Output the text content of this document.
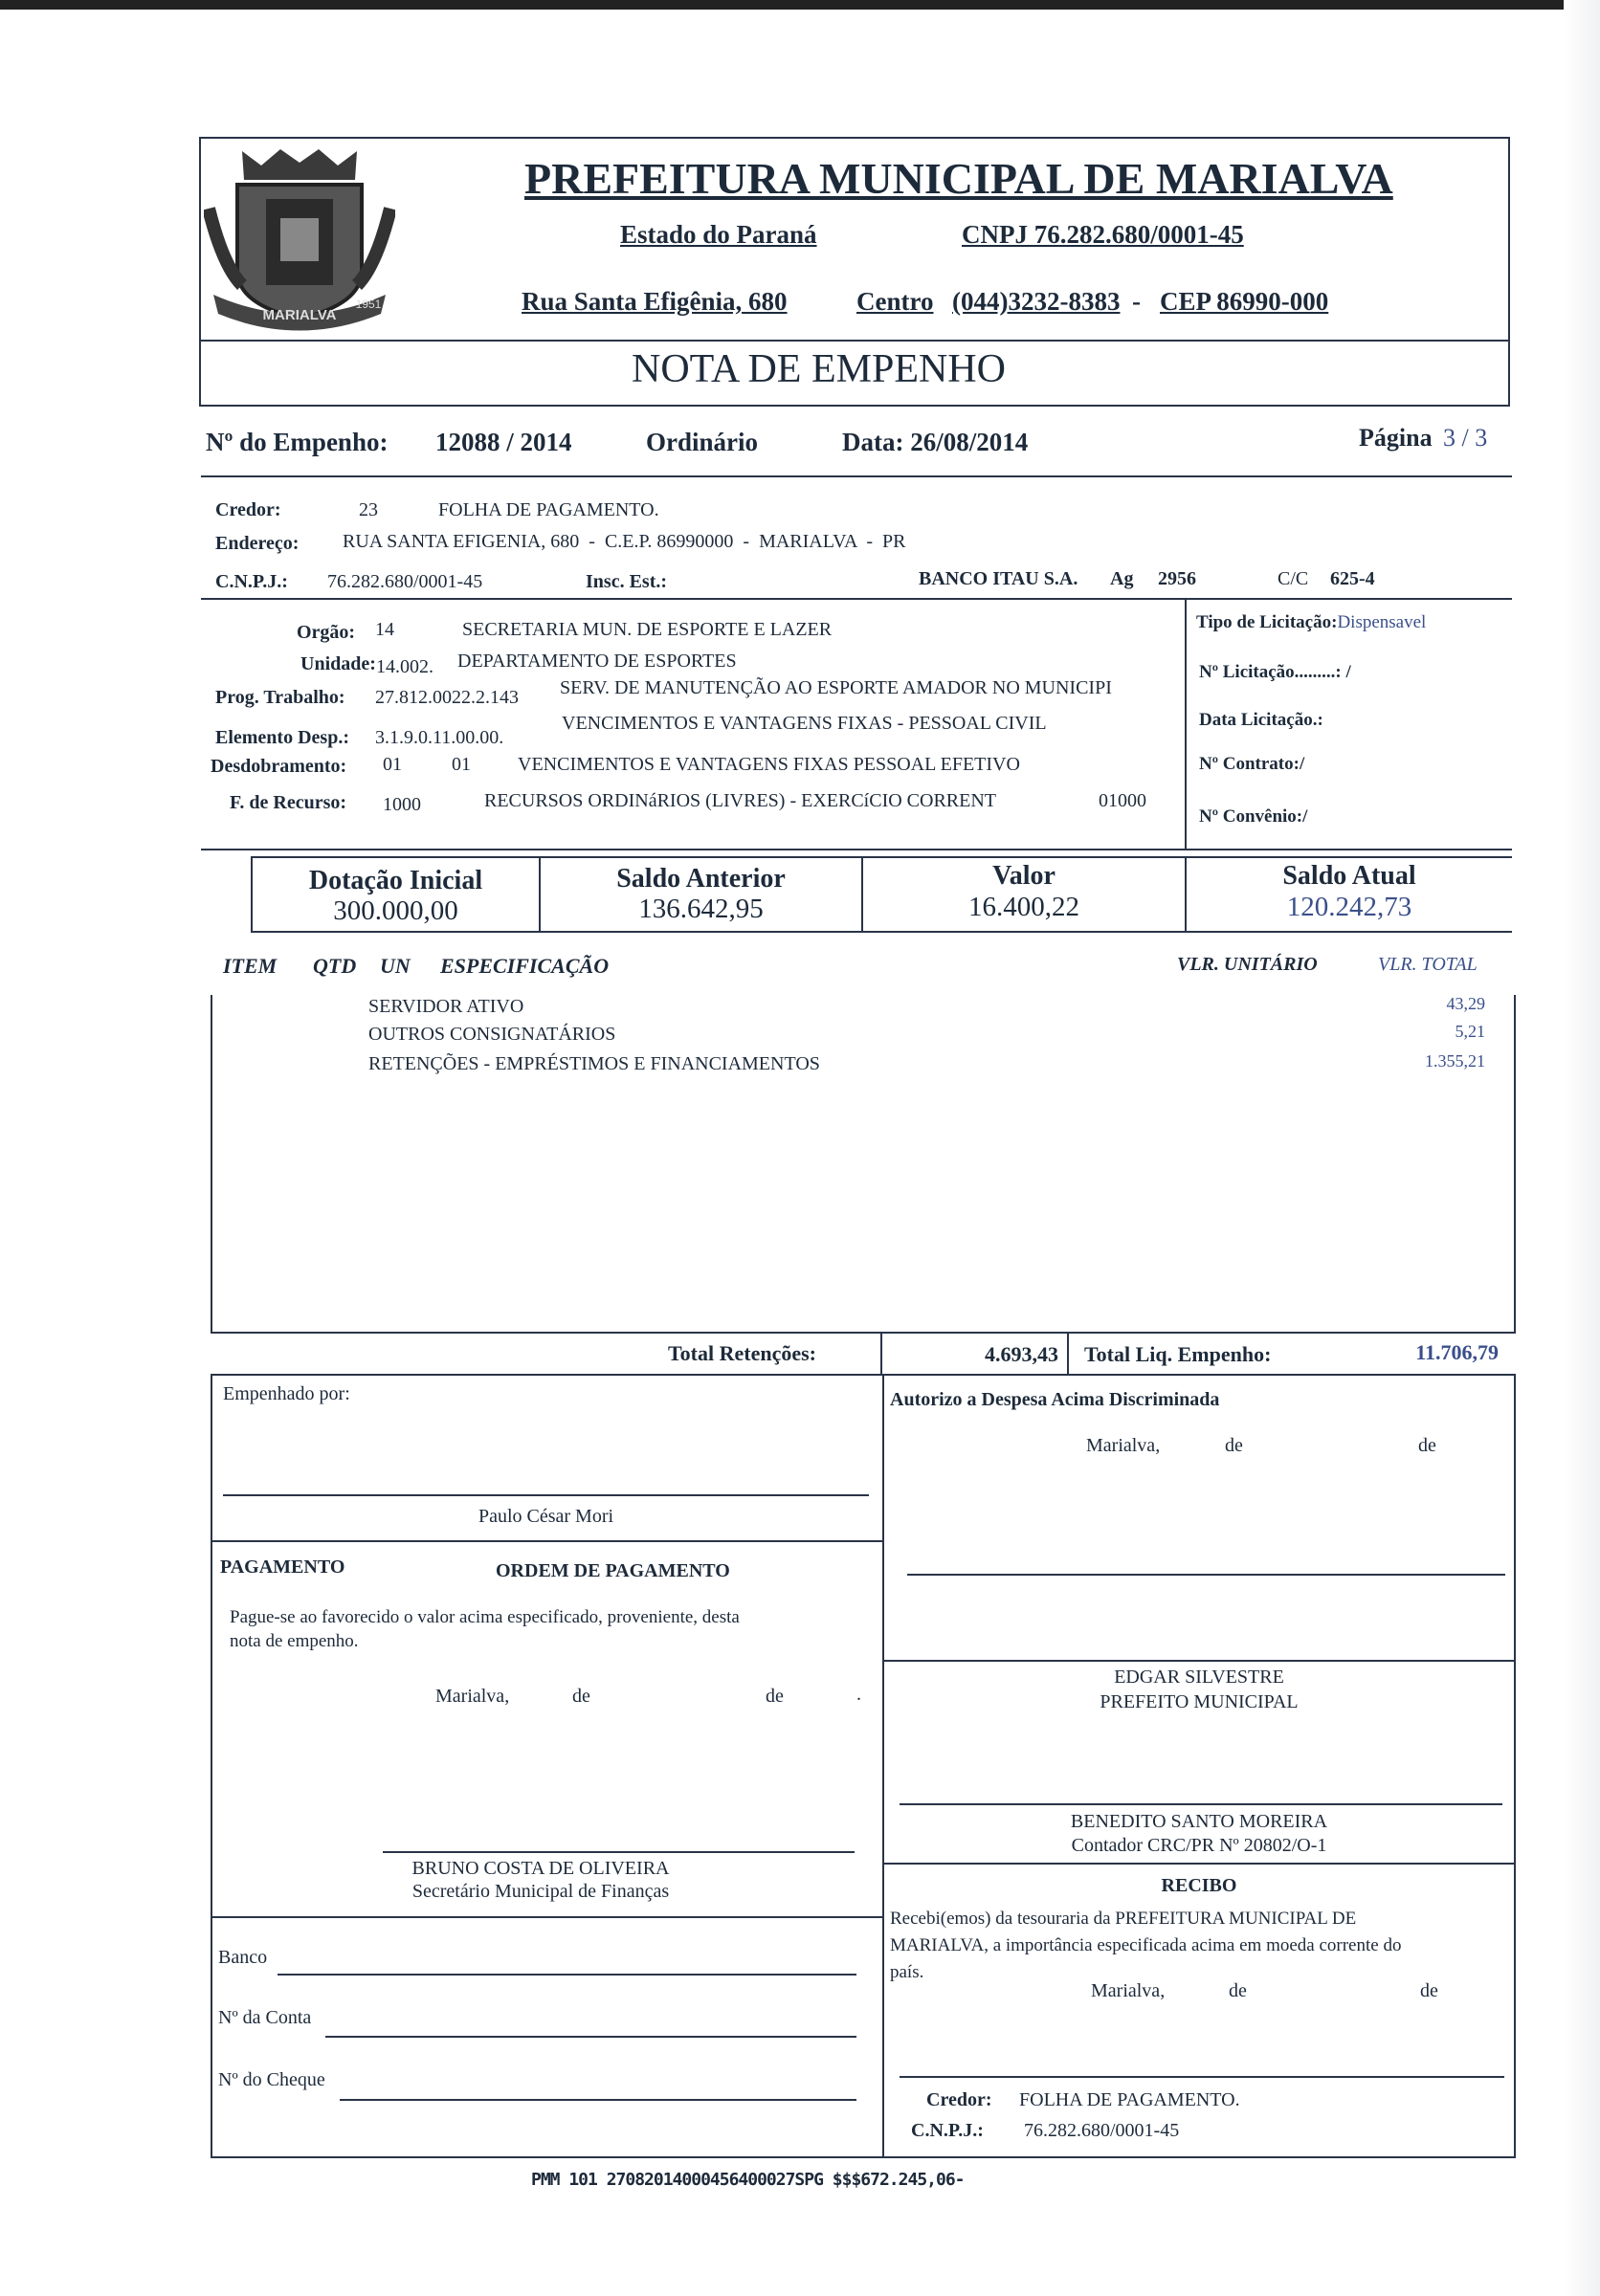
MARIALVA
1951
PREFEITURA MUNICIPAL DE MARIALVA
Estado do Paraná	CNPJ 76.282.680/0001-45
Rua Santa Efigênia, 680	Centro (044)3232-8383 - CEP 86990-000
NOTA DE EMPENHO
Nº do Empenho: 12088 / 2014	Ordinário	Data: 26/08/2014	Página 3 / 3
Credor:	23	FOLHA DE PAGAMENTO.
Endereço: RUA SANTA EFIGENIA, 680  -  C.E.P. 86990000  -  MARIALVA  -  PR
C.N.P.J.: 76.282.680/0001-45	Insc. Est.:	BANCO ITAU S.A. Ag 2956	C/C 625-4
Orgão: 14	SECRETARIA MUN. DE ESPORTE E LAZER
Unidade: 14.002. DEPARTAMENTO DE ESPORTES
Prog. Trabalho: 27.812.0022.2.143 SERV. DE MANUTENÇÃO AO ESPORTE AMADOR NO MUNICIPI
Elemento Desp.: 3.1.9.0.11.00.00.
VENCIMENTOS E VANTAGENS FIXAS - PESSOAL CIVIL
Desdobramento: 01	01 VENCIMENTOS E VANTAGENS FIXAS PESSOAL EFETIVO
F. de Recurso: 1000	RECURSOS ORDINáRIOS (LIVRES) - EXERCíCIO CORRENT	01000
Tipo de Licitação:Dispensavel
Nº Licitação.........: /
Data Licitação.:
Nº Contrato:/
Nº Convênio:/
Dotação Inicial
300.000,00
Saldo Anterior
136.642,95
Valor
16.400,22
Saldo Atual
120.242,73
ITEM QTD UN ESPECIFICAÇÃO	VLR. UNITÁRIO	VLR. TOTAL
SERVIDOR ATIVO	43,29
OUTROS CONSIGNATÁRIOS	5,21
RETENÇÕES - EMPRÉSTIMOS E FINANCIAMENTOS	1.355,21
Total Retenções:	4.693,43 Total Liq. Empenho:	11.706,79
Empenhado por:
Paulo César Mori
Autorizo a Despesa Acima Discriminada
Marialva,	de	de
EDGAR SILVESTRE
PREFEITO MUNICIPAL
PAGAMENTO	ORDEM DE PAGAMENTO
Pague-se ao favorecido o valor acima especificado, proveniente, desta
nota de empenho.
Marialva,	de	de	.
BENEDITO SANTO MOREIRA
Contador CRC/PR Nº 20802/O-1
BRUNO COSTA DE OLIVEIRA
Secretário Municipal de Finanças	RECIBO
Recebi(emos) da tesouraria da PREFEITURA MUNICIPAL DE
MARIALVA, a importância especificada acima em moeda corrente do
país.
Marialva,	de	de
Banco
Nº da Conta
Nº do Cheque
Credor: FOLHA DE PAGAMENTO.
C.N.P.J.: 76.282.680/0001-45
PMM 101 27082014000456400027SPG $$$672.245,06-
